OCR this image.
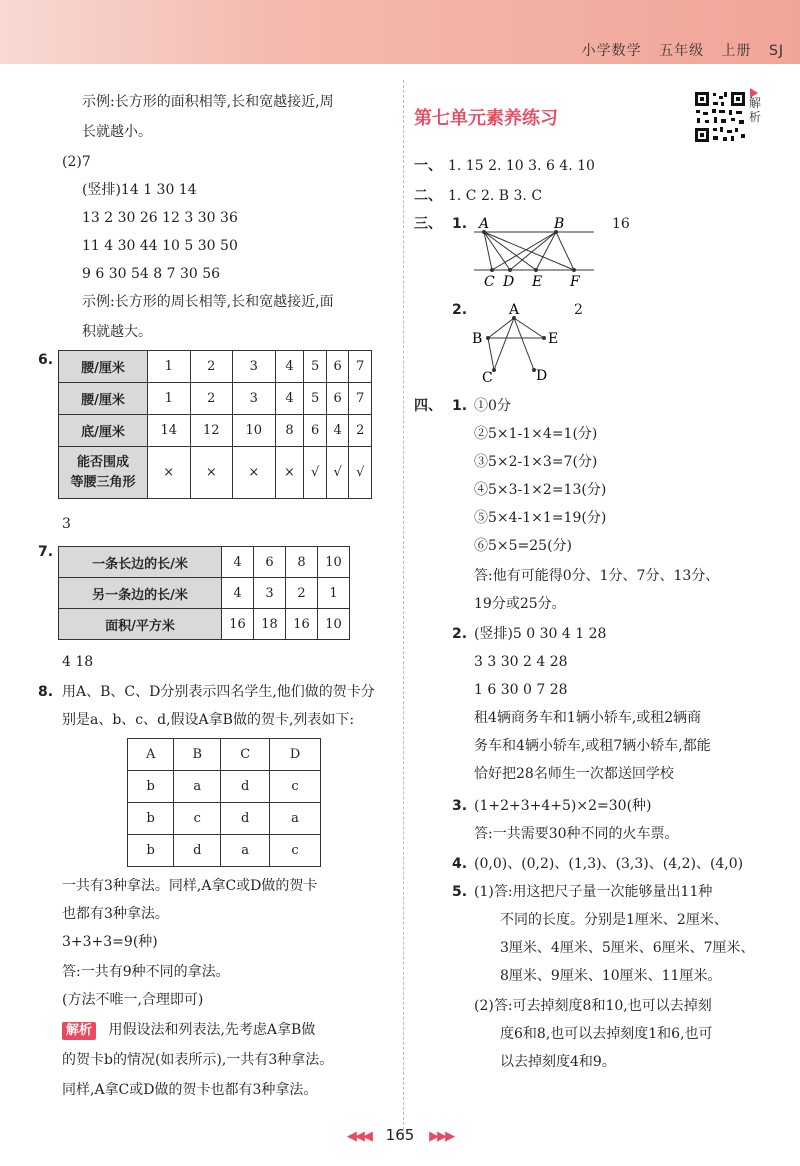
小学数学 五年级 上册 SJ
示例:长方形的面积相等,长和宽越接近,周
长就越小。
(2)7
(竖排)14 1 30 14
13 2 30 26 12 3 30 36
11 4 30 44 10 5 30 50
9 6 30 54 8 7 30 56
示例:长方形的周长相等,长和宽越接近,面
积就越大。
6.
腰/厘米	1	2	3	4	5	6	7
腰/厘米	1	2	3	4	5	6	7
底/厘米	14	12	10	8	6	4	2

能否围成
等腰三角形	×	×	×	×	√	√	√
3
7.
一条长边的长/米	4	6	8	10
另一条边的长/米	4	3	2	1
面积/平方米	16	18	16	10
4 18
8. 用A、B、C、D分别表示四名学生,他们做的贺卡分
别是a、b、c、d,假设A拿B做的贺卡,列表如下:
A	B	C	D
b	a	d	c
b	c	d	a
b	d	a	c
一共有3种拿法。同样,A拿C或D做的贺卡
也都有3种拿法。
3+3+3=9(种)
答:一共有9种不同的拿法。
(方法不唯一,合理即可)
解析 用假设法和列表法,先考虑A拿B做
的贺卡b的情况(如表所示),一共有3种拿法。
同样,A拿C或D做的贺卡也都有3种拿法。
第七单元素养练习
解析
一、 1. 15 2. 10 3. 6 4. 10
二、 1. C 2. B 3. C
三、 1. A	B
C D E F
16
2.	A
B	E
C	D
2
四、 1. ①0分
②5×1-1×4=1(分)
③5×2-1×3=7(分)
④5×3-1×2=13(分)
⑤5×4-1×1=19(分)
⑥5×5=25(分)
答:他有可能得0分、1分、7分、13分、
19分或25分。
2. (竖排)5 0 30 4 1 28
3 3 30 2 4 28
1 6 30 0 7 28
租4辆商务车和1辆小轿车,或租2辆商
务车和4辆小轿车,或租7辆小轿车,都能
恰好把28名师生一次都送回学校
3. (1+2+3+4+5)×2=30(种)
答:一共需要30种不同的火车票。
4. (0,0)、(0,2)、(1,3)、(3,3)、(4,2)、(4,0)
5. (1)答:用这把尺子量一次能够量出11种
不同的长度。分别是1厘米、2厘米、
3厘米、4厘米、5厘米、6厘米、7厘米、
8厘米、9厘米、10厘米、11厘米。
(2)答:可去掉刻度8和10,也可以去掉刻
度6和8,也可以去掉刻度1和6,也可
以去掉刻度4和9。
◀◀◀ 165 ▶▶▶
